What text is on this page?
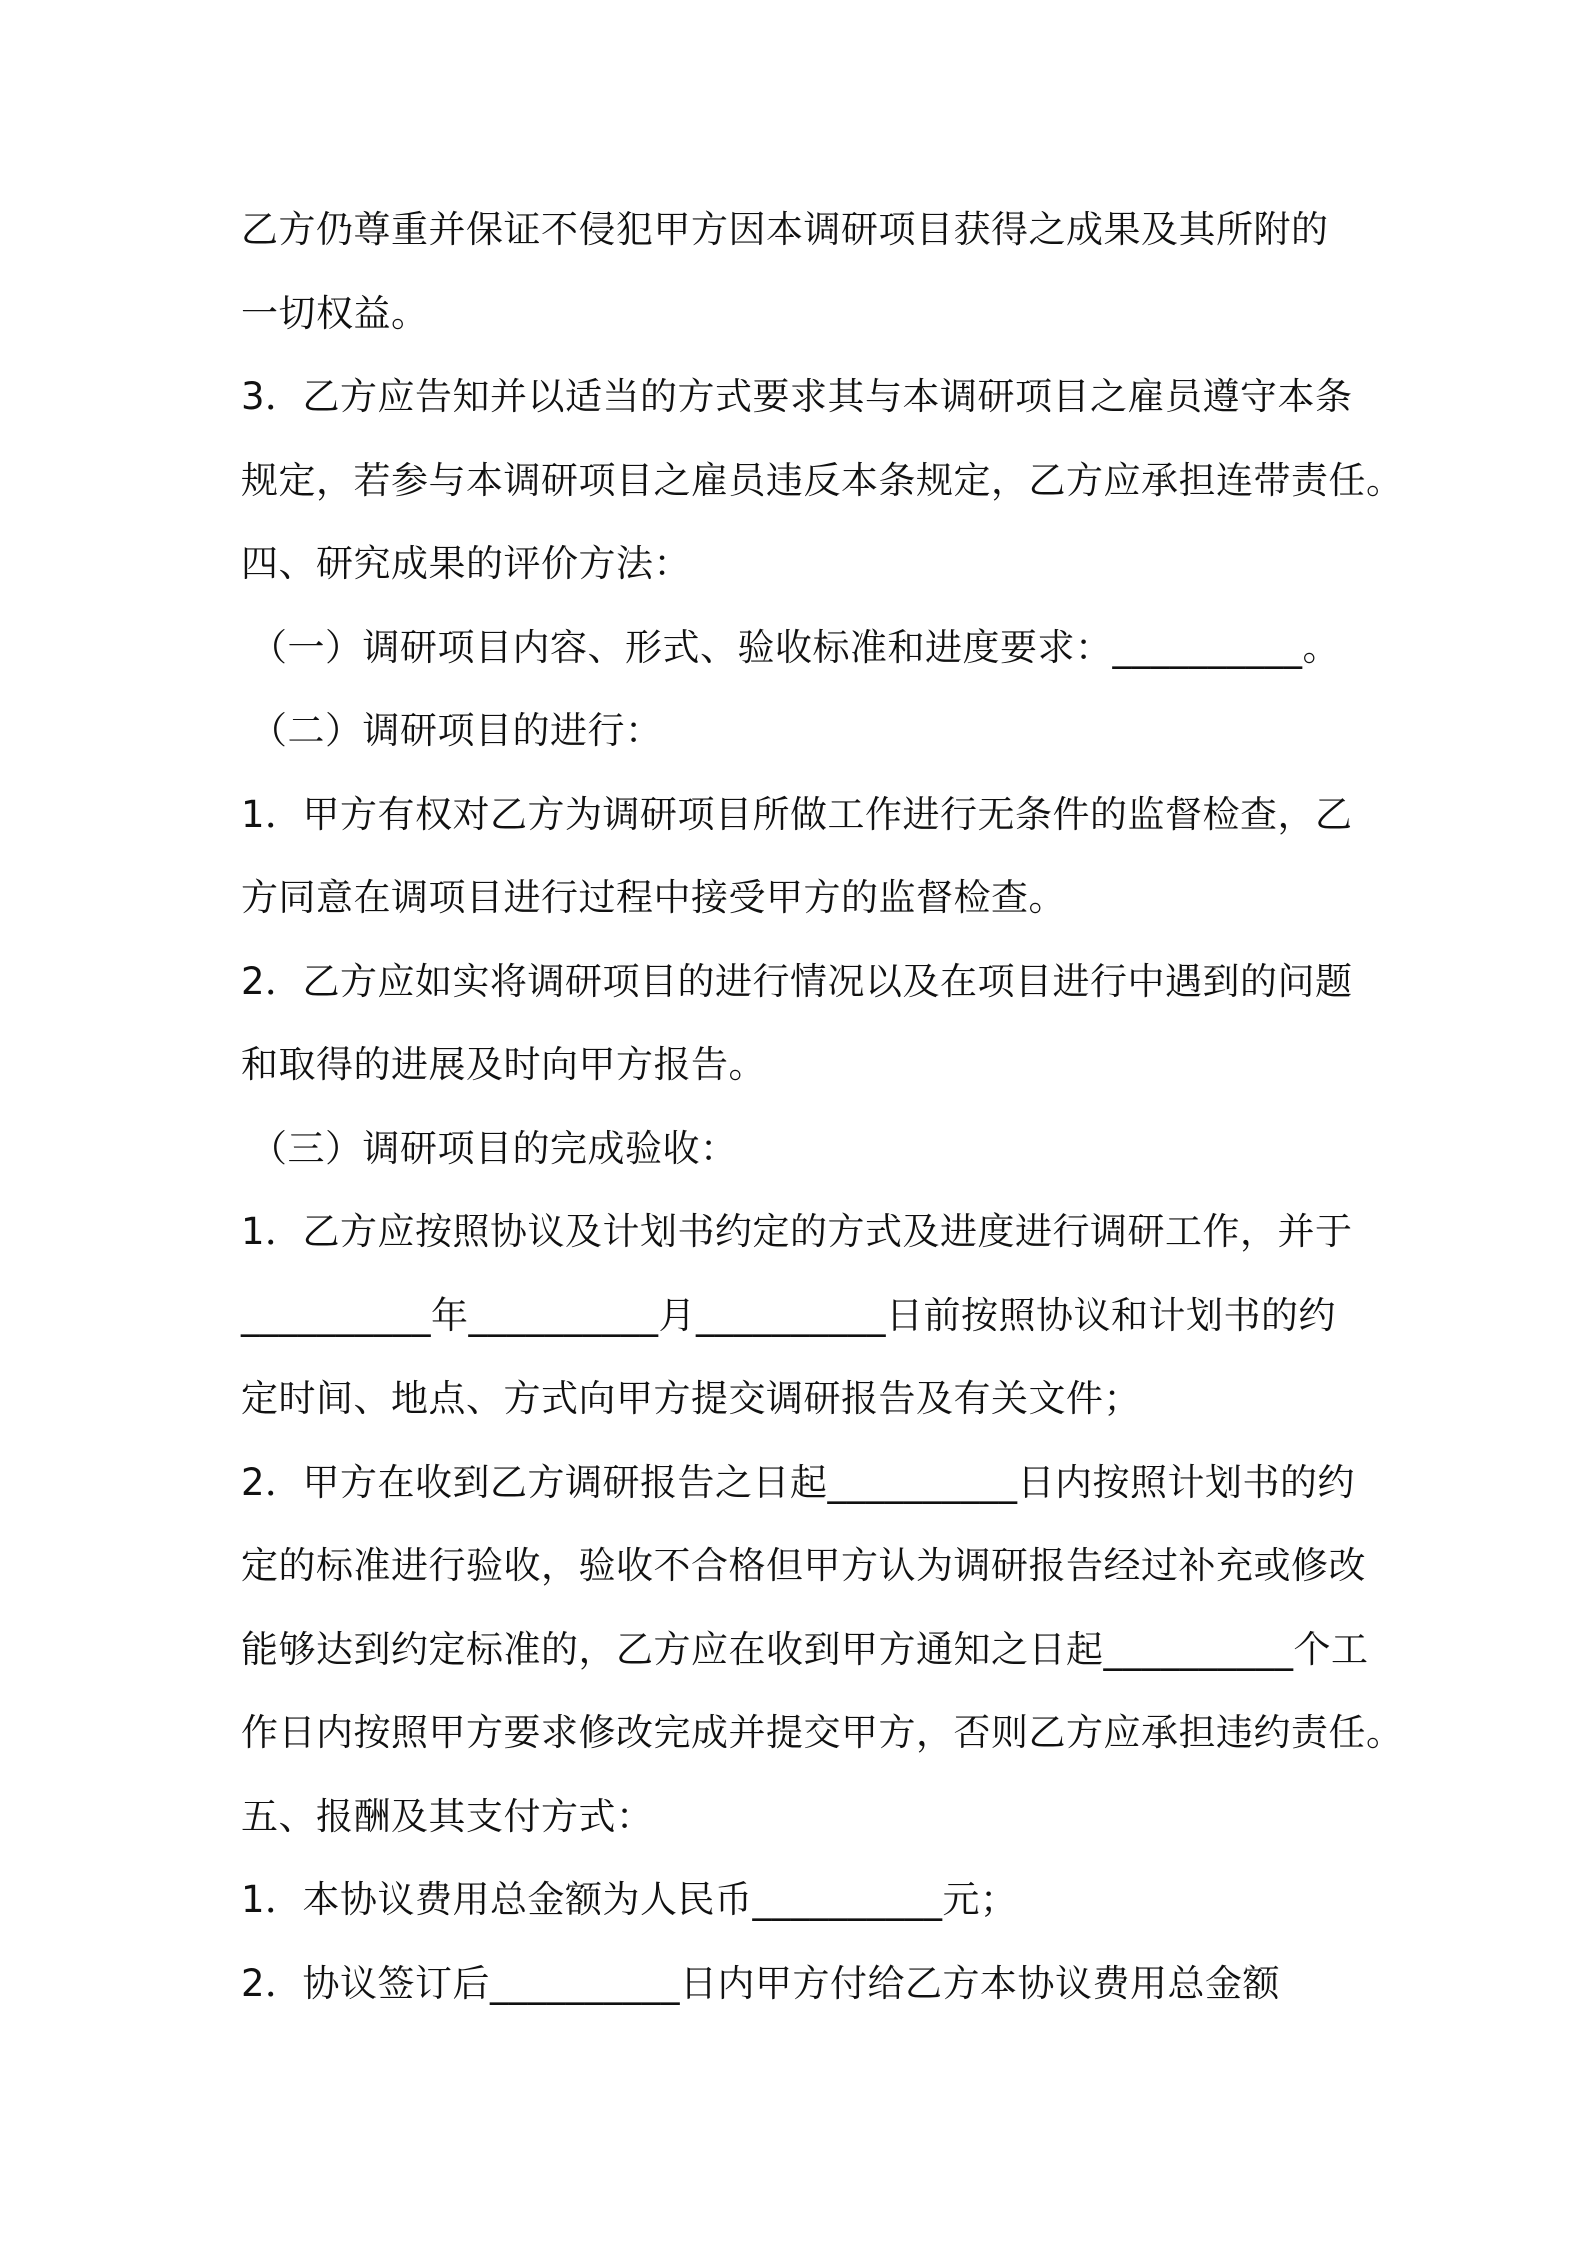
乙方仍尊重并保证不侵犯甲方因本调研项目获得之成果及其所附的
一切权益。
3．乙方应告知并以适当的方式要求其与本调研项目之雇员遵守本条
规定，若参与本调研项目之雇员违反本条规定，乙方应承担连带责任。
四、研究成果的评价方法：
（一）调研项目内容、形式、验收标准和进度要求：__________。
（二）调研项目的进行：
1．甲方有权对乙方为调研项目所做工作进行无条件的监督检查，乙
方同意在调项目进行过程中接受甲方的监督检查。
2．乙方应如实将调研项目的进行情况以及在项目进行中遇到的问题
和取得的进展及时向甲方报告。
（三）调研项目的完成验收：
1．乙方应按照协议及计划书约定的方式及进度进行调研工作，并于
__________年__________月__________日前按照协议和计划书的约
定时间、地点、方式向甲方提交调研报告及有关文件；
2．甲方在收到乙方调研报告之日起__________日内按照计划书的约
定的标准进行验收，验收不合格但甲方认为调研报告经过补充或修改
能够达到约定标准的，乙方应在收到甲方通知之日起__________个工
作日内按照甲方要求修改完成并提交甲方，否则乙方应承担违约责任。
五、报酬及其支付方式：
1．本协议费用总金额为人民币__________元；
2．协议签订后__________日内甲方付给乙方本协议费用总金额
